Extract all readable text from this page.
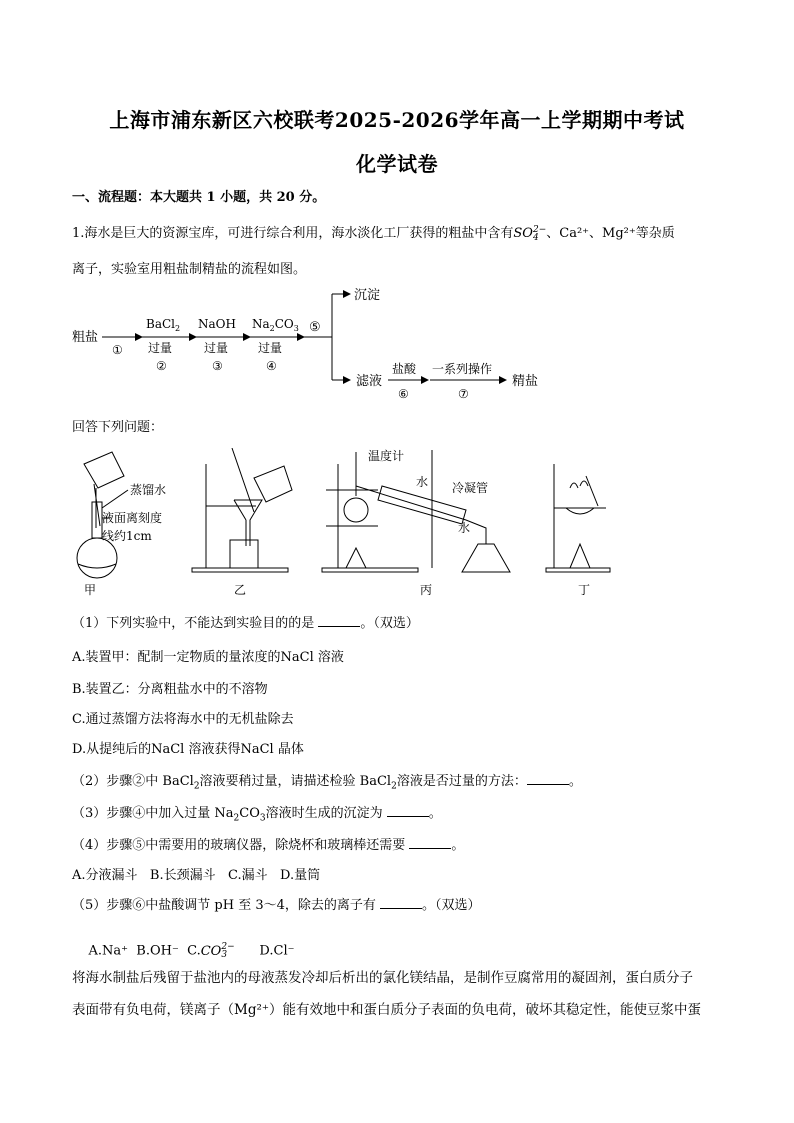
上海市浦东新区六校联考2025-2026学年高一上学期期中考试
化学试卷
一、流程题：本大题共 1 小题，共 20 分。
1.海水是巨大的资源宝库，可进行综合利用，海水淡化工厂获得的粗盐中含有SO 2−
4 、Ca²⁺、Mg²⁺等杂质
离子，实验室用粗盐制精盐的流程如图。
粗盐
①
BaCl$_2$
过量
②
NaOH
过量
③
$Na_2CO_3$
过量
④
⑤
沉淀
滤液
盐酸
⑥
一系列操作
⑦
精盐
回答下列问题：
蒸馏水
液面离刻度
线约1cm
甲	乙
温度计
水 冷凝管
水
丙	丁
（1）下列实验中，不能达到实验目的的是	。（双选）
A.装置甲：配制一定物质的量浓度的NaCl 溶液
B.装置乙：分离粗盐水中的不溶物
C.通过蒸馏方法将海水中的无机盐除去
D.从提纯后的NaCl 溶液获得NaCl 晶体
（2）步骤②中 BaCl$_2$溶液要稍过量，请描述检验 BaCl$_2$溶液是否过量的方法：	。
（3）步骤④中加入过量 $Na_2CO_3$溶液时生成的沉淀为	。
（4）步骤⑤中需要用的玻璃仪器，除烧杯和玻璃棒还需要	。
A.分液漏斗   B.长颈漏斗   C.漏斗   D.量筒
（5）步骤⑥中盐酸调节 pH 至 3～4，除去的离子有	。（双选）

A.Na⁺  B.OH⁻  C.CO 2−
3	D.Cl⁻

将海水制盐后残留于盐池内的母液蒸发冷却后析出的氯化镁结晶，是制作豆腐常用的凝固剂，蛋白质分子
表面带有负电荷，镁离子（Mg²⁺）能有效地中和蛋白质分子表面的负电荷，破坏其稳定性，能使豆浆中蛋
